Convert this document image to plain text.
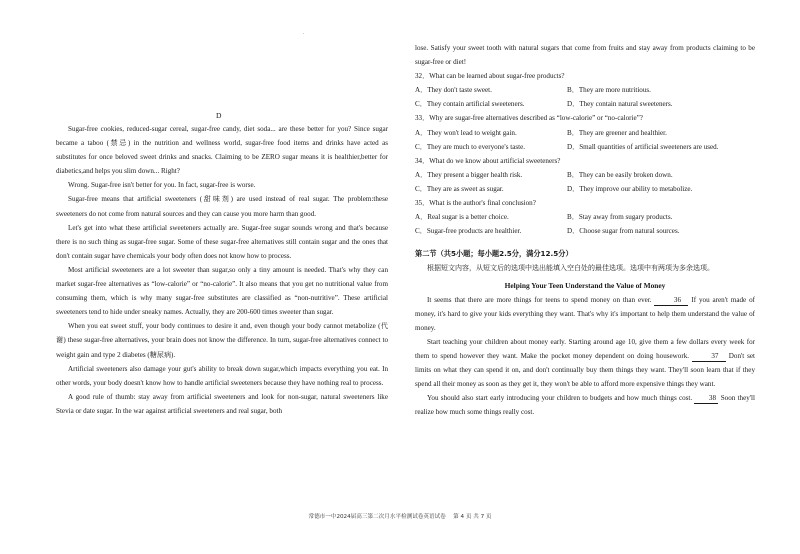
.
D

Sugar-free cookies, reduced-sugar cereal, sugar-free candy, diet soda... are these better for you? Since sugar became a taboo (禁忌) in the nutrition and wellness world, sugar-free food items and drinks have acted as substitutes for once beloved sweet drinks and snacks. Claiming to be ZERO sugar means it is healthier,better for diabetics,and helps you slim down... Right?

Wrong. Sugar-free isn't better for you. In fact, sugar-free is worse.

Sugar-free means that artificial sweeteners (甜味剂) are used instead of real sugar. The problem:these sweeteners do not come from natural sources and they can cause you more harm than good.

Let's get into what these artificial sweeteners actually are. Sugar-free sugar sounds wrong and that's because there is no such thing as sugar-free sugar. Some of these sugar-free alternatives still contain sugar and the ones that don't contain sugar have chemicals your body often does not know how to process.

Most artificial sweeteners are a lot sweeter than sugar,so only a tiny amount is needed. That's why they can market sugar-free alternatives as “low-calorie” or “no-calorie”. It also means that you get no nutritional value from consuming them, which is why many sugar-free substitutes are classified as “non-nutritive”. These artificial sweeteners tend to hide under sneaky names. Actually, they are 200-600 times sweeter than sugar.

When you eat sweet stuff, your body continues to desire it and, even though your body cannot metabolize (代谢) these sugar-free alternatives, your brain does not know the difference. In turn, sugar-free alternatives connect to weight gain and type 2 diabetes (糖尿病).

Artificial sweeteners also damage your gut's ability to break down sugar,which impacts everything you eat. In other words, your body doesn't know how to handle artificial sweeteners because they have nothing real to process.

A good rule of thumb: stay away from artificial sweeteners and look for non-sugar, natural sweeteners like Stevia or date sugar. In the war against artificial sweeteners and real sugar, both

lose. Satisfy your sweet tooth with natural sugars that come from fruits and stay away from products claiming to be sugar-free or diet!

32．What can be learned about sugar-free products?

A．They don't taste sweet.	B．They are more nutritious.
C．They contain artificial sweeteners.	D．They contain natural sweeteners.

33．Why are sugar-free alternatives described as “low-calorie” or “no-calorie”?

A．They won't lead to weight gain.	B．They are greener and healthier.
C．They are much to everyone's taste.	D．Small quantities of artificial sweeteners are used.

34．What do we know about artificial sweeteners?

A．They present a bigger health risk.	B．They can be easily broken down.
C．They are as sweet as sugar.	D．They improve our ability to metabolize.

35．What is the author's final conclusion?

A．Real sugar is a better choice.	B．Stay away from sugary products.
C．Sugar-free products are healthier.	D．Choose sugar from natural sources.

第二节（共5小题；每小题2.5分，满分12.5分）

根据短文内容，从短文后的选项中选出能填入空白处的最佳选项。选项中有两项为多余选项。

Helping Your Teen Understand the Value of Money

It seems that there are more things for teens to spend money on than ever.	36 If you aren't made of money, it's hard to give your kids everything they want. That's why it's important to help them understand the value of money.

Start teaching your children about money early. Starting around age 10, give them a few dollars every week for them to spend however they want. Make the pocket money dependent on doing housework.	37 Don't set limits on what they can spend it on, and don't continually buy them things they want. They'll soon learn that if they spend all their money as soon as they get it, they won't be able to afford more expensive things they want.

You should also start early introducing your children to budgets and how much things cost. 38 Soon they'll realize how much some things really cost.

常德市一中2024届高三第二次月水平检测试卷英语试卷　 第 4 页 共 7 页
